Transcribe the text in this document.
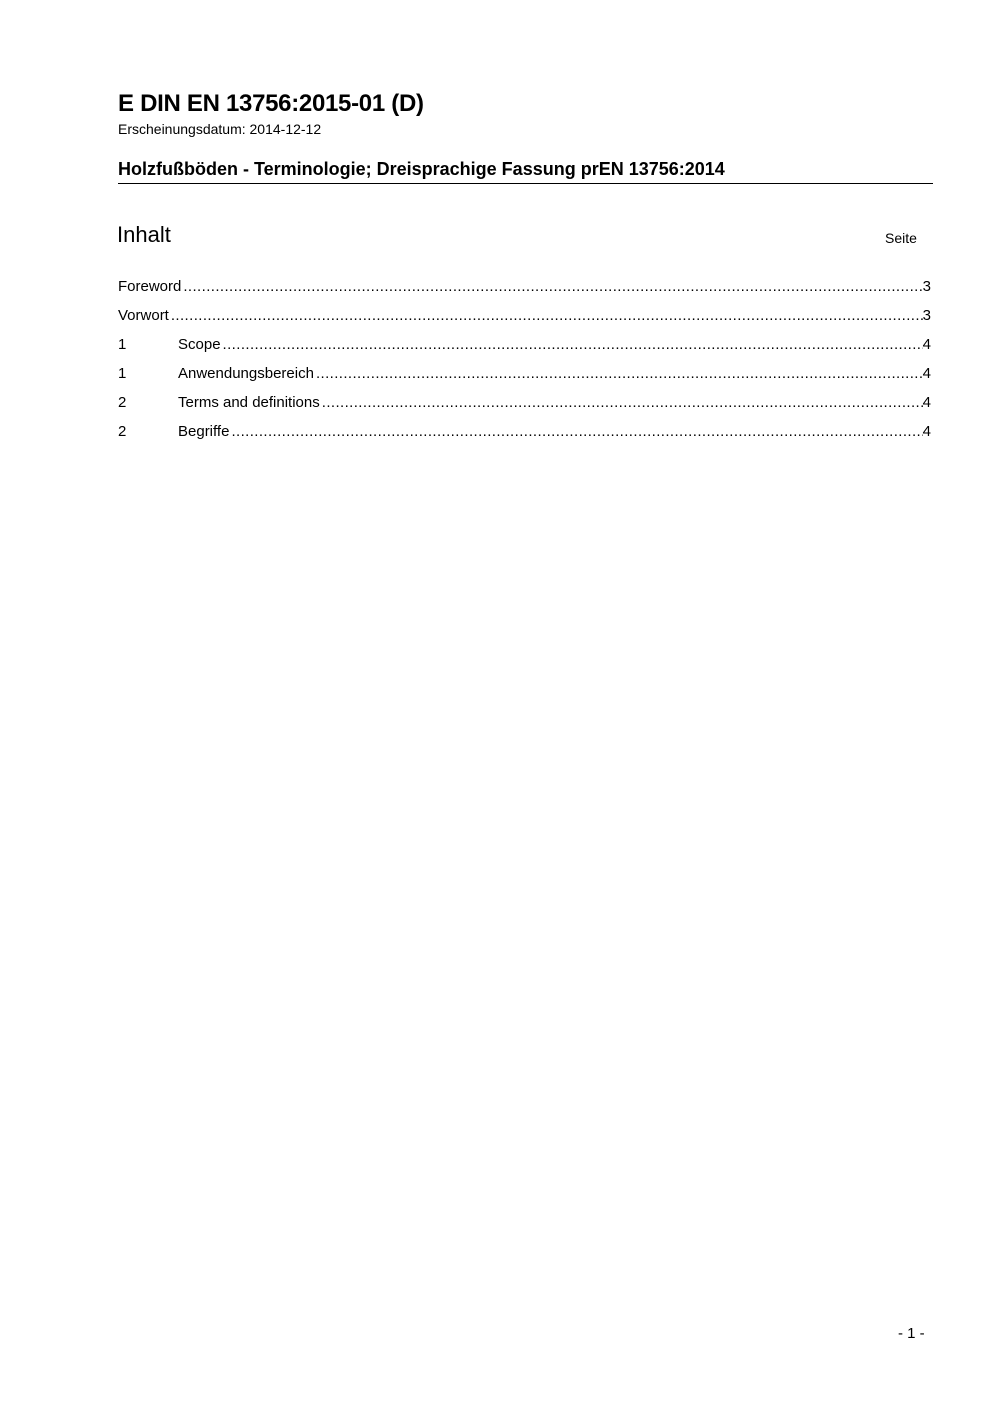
E DIN EN 13756:2015-01 (D)
Erscheinungsdatum: 2014-12-12
Holzfußböden - Terminologie; Dreisprachige Fassung prEN 13756:2014
Inhalt	Seite
Foreword .....	3
Vorwort .....	3
1	Scope .....	4
1	Anwendungsbereich .....	4
2	Terms and definitions .....	4
2	Begriffe .....	4
- 1 -
